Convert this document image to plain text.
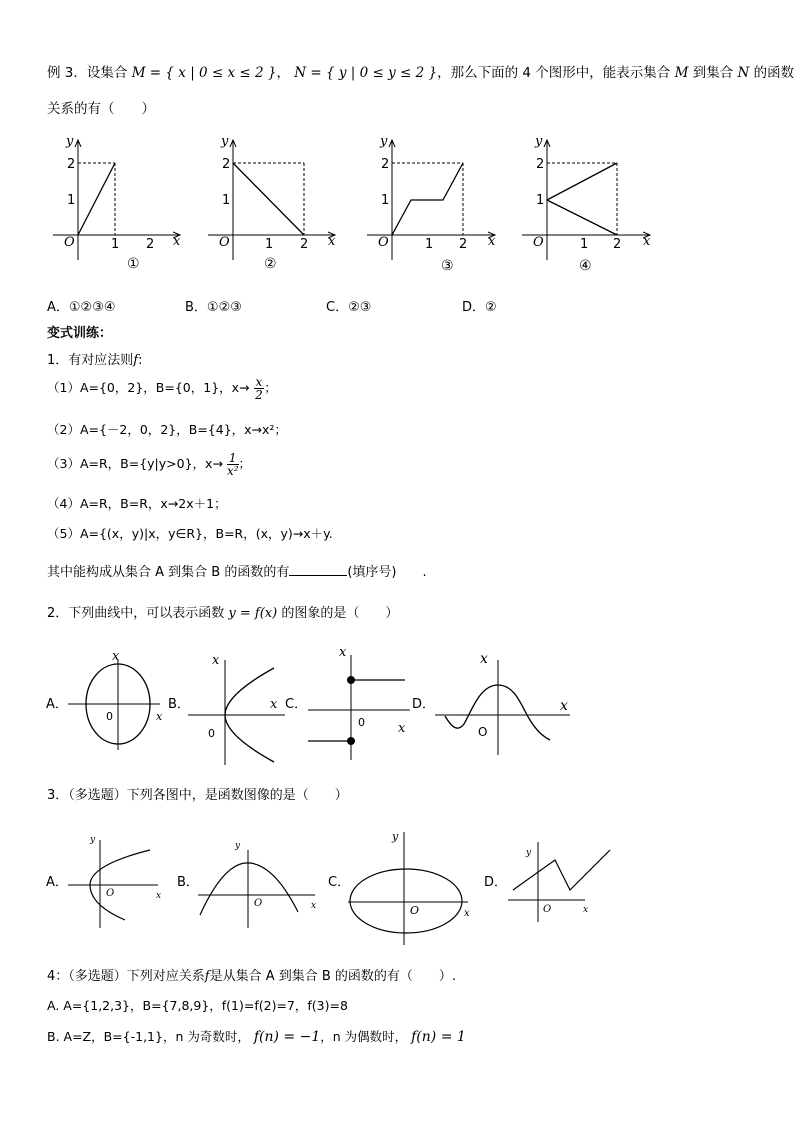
例 3．设集合 M = { x | 0 ≤ x ≤ 2 }， N = { y | 0 ≤ y ≤ 2 }，那么下面的 4 个图形中，能表示集合 M 到集合 N 的函数
关系的有（　　）
y
2
1
O	1 2 x
①
y
2
1
O	1 2 x
②
y
2
1
O	1 2 x
③
y
2
1
O	1 2 x
④
A．①②③④	B．①②③	C．②③	D．②
变式训练：
1．有对应法则f:
（1）A={0，2}，B={0，1}，$x\to \frac{x}{2}$ ；
（2）A={－2，0，2}，B={4}，x→x²；
（3）A=R，B={y|y>0}，$x\to \frac{1}{\text{x²}}$ ；
（4）A=R，B=R，x→2x＋1；
（5）A={(x，y)|x，y∈R}，B=R，(x，y)→x＋y.
其中能构成从集合 A 到集合 B 的函数的有	(填序号)　　.
2．下列曲线中，可以表示函数 y = f(x) 的图象的是（　　）
A．
x
0	x
B．
x
0
x C．
x
0	x
D．
x
O
x
3．（多选题）下列各图中，是函数图像的是（　　）
A．
y
O	x
B．
y
O	x
C．
y
O	x
D．
y
O	x
4：（多选题）下列对应关系f是从集合 A 到集合 B 的函数的有（　　）.
A. A={1,2,3}，B={7,8,9}，f(1)=f(2)=7，f(3)=8
B. A=Z，B={-1,1}，n 为奇数时， f(n) = −1，n 为偶数时， f(n) = 1
